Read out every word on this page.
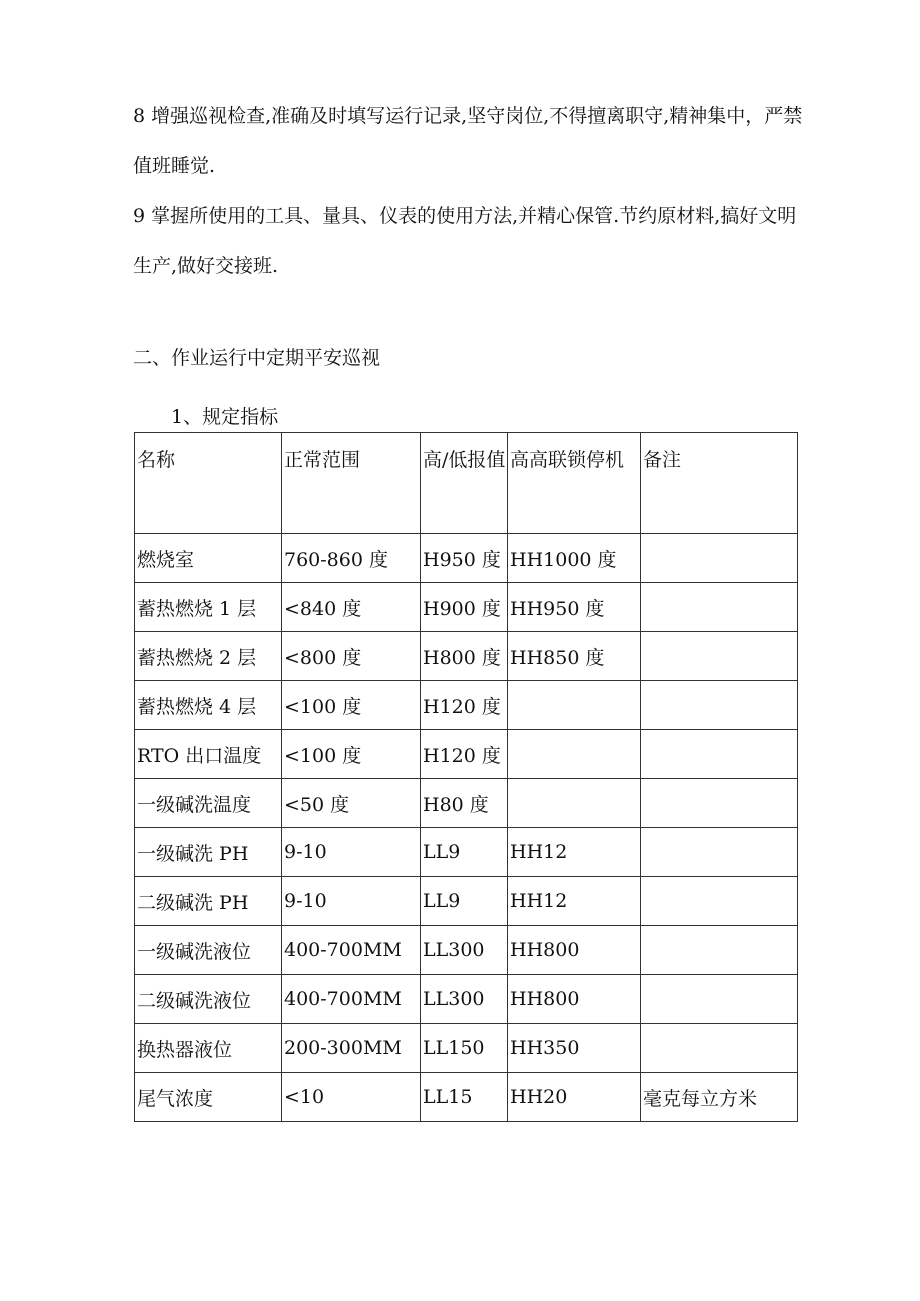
8 增强巡视检查,准确及时填写运行记录,坚守岗位,不得擅离职守,精神集中，严禁值班睡觉.
9 掌握所使用的工具、量具、仪表的使用方法,并精心保管.节约原材料,搞好文明生产,做好交接班.
二、作业运行中定期平安巡视
1、规定指标
名称	正常范围	高/低报值	高高联锁停机	备注
燃烧室	760-860 度	H950 度	HH1000 度	
蓄热燃烧 1 层	<840 度	H900 度	HH950 度	
蓄热燃烧 2 层	<800 度	H800 度	HH850 度	
蓄热燃烧 4 层	<100 度	H120 度		
RTO 出口温度	<100 度	H120 度		
一级碱洗温度	<50 度	H80 度		
一级碱洗 PH	9-10	LL9	HH12	
二级碱洗 PH	9-10	LL9	HH12	
一级碱洗液位	400-700MM	LL300	HH800	
二级碱洗液位	400-700MM	LL300	HH800	
换热器液位	200-300MM	LL150	HH350	
尾气浓度	<10	LL15	HH20	毫克每立方米
